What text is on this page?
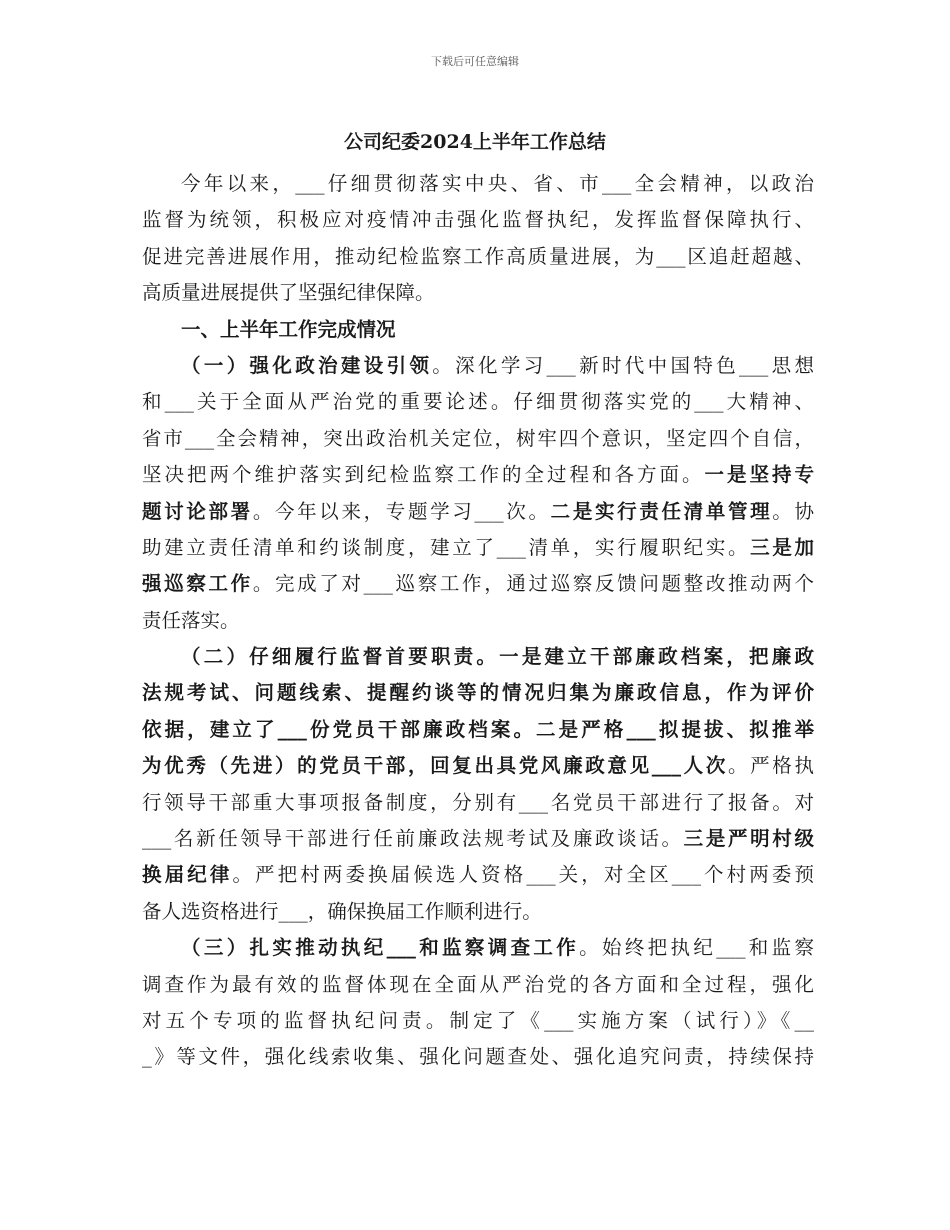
下载后可任意编辑
公司纪委2024上半年工作总结
今年以来，___仔细贯彻落实中央、省、市___全会精神，以政治
监督为统领，积极应对疫情冲击强化监督执纪，发挥监督保障执行、
促进完善进展作用，推动纪检监察工作高质量进展，为___区追赶超越、
高质量进展提供了坚强纪律保障。
一、上半年工作完成情况
（一）强化政治建设引领。深化学习___新时代中国特色___思想
和___关于全面从严治党的重要论述。仔细贯彻落实党的___大精神、
省市___全会精神，突出政治机关定位，树牢四个意识，坚定四个自信，
坚决把两个维护落实到纪检监察工作的全过程和各方面。一是坚持专
题讨论部署。今年以来，专题学习___次。二是实行责任清单管理。协
助建立责任清单和约谈制度，建立了___清单，实行履职纪实。三是加
强巡察工作。完成了对___巡察工作，通过巡察反馈问题整改推动两个
责任落实。
（二）仔细履行监督首要职责。一是建立干部廉政档案，把廉政
法规考试、问题线索、提醒约谈等的情况归集为廉政信息，作为评价
依据，建立了___份党员干部廉政档案。二是严格___拟提拔、拟推举
为优秀（先进）的党员干部，回复出具党风廉政意见___人次。严格执
行领导干部重大事项报备制度，分别有___名党员干部进行了报备。对
___名新任领导干部进行任前廉政法规考试及廉政谈话。三是严明村级
换届纪律。严把村两委换届候选人资格___关，对全区___个村两委预
备人选资格进行___，确保换届工作顺利进行。
（三）扎实推动执纪___和监察调查工作。始终把执纪___和监察
调查作为最有效的监督体现在全面从严治党的各方面和全过程，强化
对五个专项的监督执纪问责。制定了《___实施方案（试行）》《__
_》等文件，强化线索收集、强化问题查处、强化追究问责，持续保持
